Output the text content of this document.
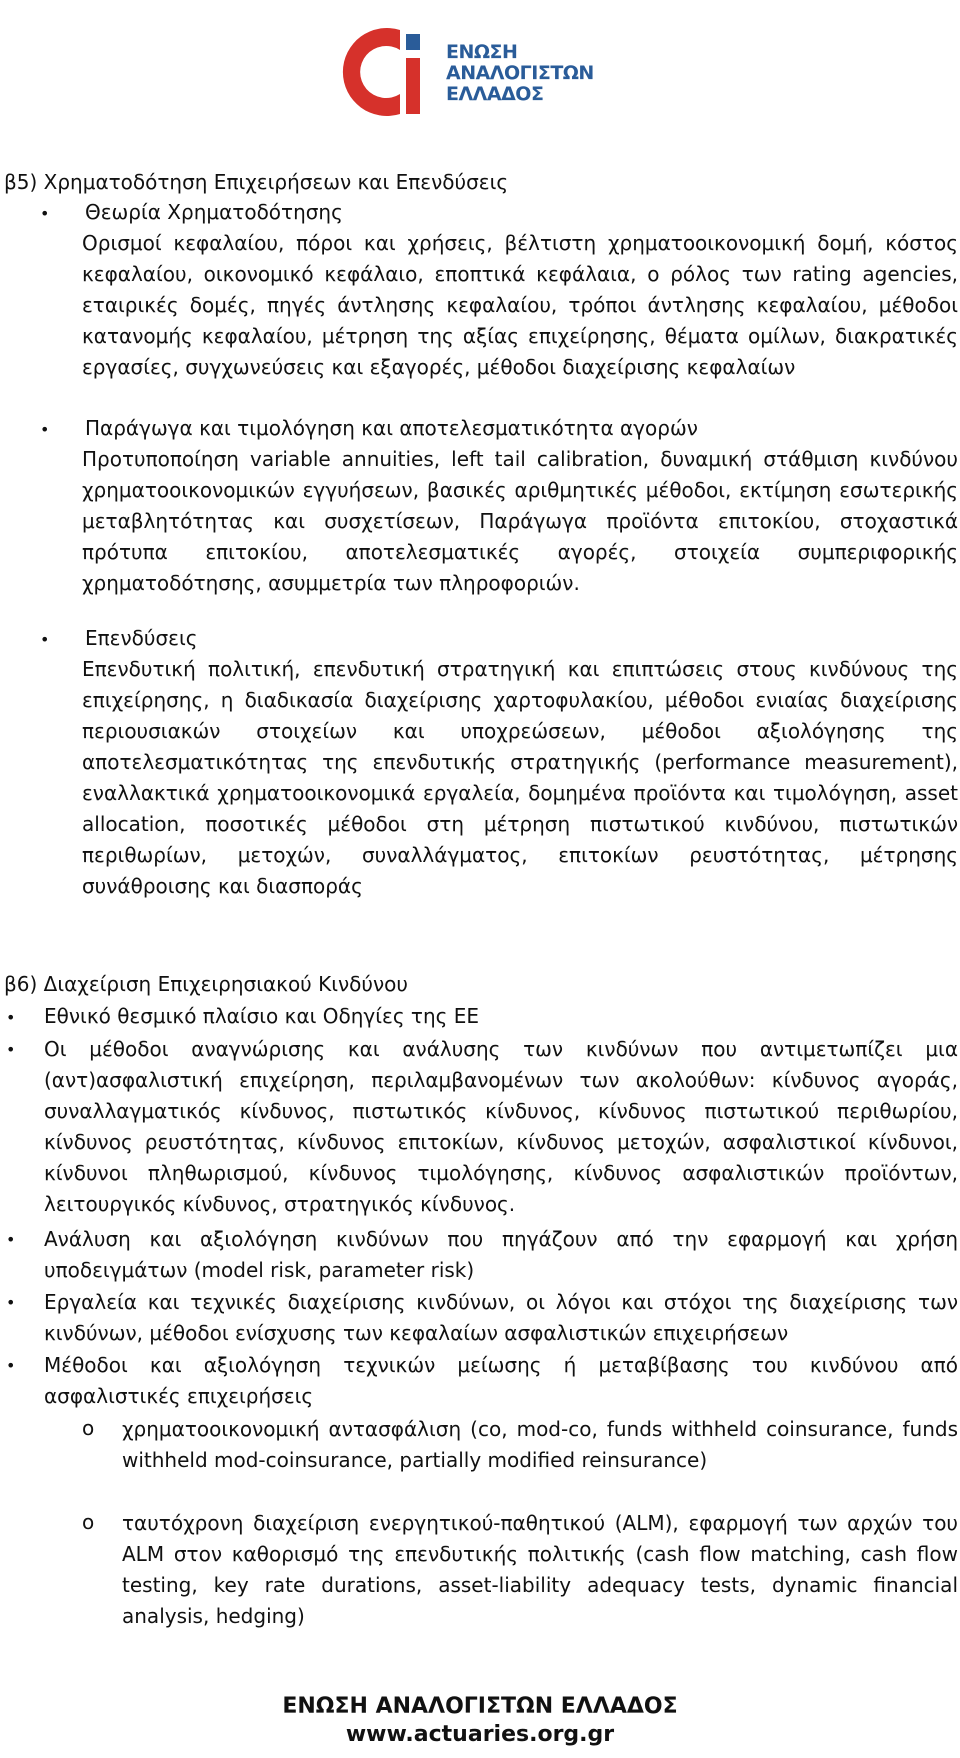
ΕΝΩΣΗ
ΑΝΑΛΟΓΙΣΤΩΝ
ΕΛΛΑΔΟΣ
β5) Χρηματοδότηση Επιχειρήσεων και Επενδύσεις
• Θεωρία Χρηματοδότησης
Ορισμοί κεφαλαίου, πόροι και χρήσεις, βέλτιστη χρηματοοικονομική δομή, κόστος κεφαλαίου, οικονομικό κεφάλαιο, εποπτικά κεφάλαια, ο ρόλος των rating agencies, εταιρικές δομές, πηγές άντλησης κεφαλαίου, τρόποι άντλησης κεφαλαίου, μέθοδοι κατανομής κεφαλαίου, μέτρηση της αξίας επιχείρησης, θέματα ομίλων, διακρατικές εργασίες, συγχωνεύσεις και εξαγορές, μέθοδοι διαχείρισης κεφαλαίων
• Παράγωγα και τιμολόγηση και αποτελεσματικότητα αγορών
Προτυποποίηση variable annuities, left tail calibration, δυναμική στάθμιση κινδύνου χρηματοοικονομικών εγγυήσεων, βασικές αριθμητικές μέθοδοι, εκτίμηση εσωτερικής μεταβλητότητας και συσχετίσεων, Παράγωγα προϊόντα επιτοκίου, στοχαστικά πρότυπα επιτοκίου, αποτελεσματικές αγορές, στοιχεία συμπεριφορικής χρηματοδότησης, ασυμμετρία των πληροφοριών.
• Επενδύσεις
Επενδυτική πολιτική, επενδυτική στρατηγική και επιπτώσεις στους κινδύνους της επιχείρησης, η διαδικασία διαχείρισης χαρτοφυλακίου, μέθοδοι ενιαίας διαχείρισης περιουσιακών στοιχείων και υποχρεώσεων, μέθοδοι αξιολόγησης της αποτελεσματικότητας της επενδυτικής στρατηγικής (performance measurement), εναλλακτικά χρηματοοικονομικά εργαλεία, δομημένα προϊόντα και τιμολόγηση, asset allocation, ποσοτικές μέθοδοι στη μέτρηση πιστωτικού κινδύνου, πιστωτικών περιθωρίων, μετοχών, συναλλάγματος, επιτοκίων ρευστότητας, μέτρησης συνάθροισης και διασποράς
β6) Διαχείριση Επιχειρησιακού Κινδύνου
• Εθνικό θεσμικό πλαίσιο και Οδηγίες της ΕΕ
• Οι μέθοδοι αναγνώρισης και ανάλυσης των κινδύνων που αντιμετωπίζει μια (αντ)ασφαλιστική επιχείρηση, περιλαμβανομένων των ακολούθων: κίνδυνος αγοράς, συναλλαγματικός κίνδυνος, πιστωτικός κίνδυνος, κίνδυνος πιστωτικού περιθωρίου, κίνδυνος ρευστότητας, κίνδυνος επιτοκίων, κίνδυνος μετοχών, ασφαλιστικοί κίνδυνοι, κίνδυνοι πληθωρισμού, κίνδυνος τιμολόγησης, κίνδυνος ασφαλιστικών προϊόντων, λειτουργικός κίνδυνος, στρατηγικός κίνδυνος.
• Ανάλυση και αξιολόγηση κινδύνων που πηγάζουν από την εφαρμογή και χρήση υποδειγμάτων (model risk, parameter risk)
• Εργαλεία και τεχνικές διαχείρισης κινδύνων, οι λόγοι και στόχοι της διαχείρισης των κινδύνων, μέθοδοι ενίσχυσης των κεφαλαίων ασφαλιστικών επιχειρήσεων
• Μέθοδοι και αξιολόγηση τεχνικών μείωσης ή μεταβίβασης του κινδύνου από ασφαλιστικές επιχειρήσεις
o χρηματοοικονομική αντασφάλιση (co, mod-co, funds withheld coinsurance, funds withheld mod-coinsurance, partially modified reinsurance)
o ταυτόχρονη διαχείριση ενεργητικού-παθητικού (ALM), εφαρμογή των αρχών του ALM στον καθορισμό της επενδυτικής πολιτικής (cash flow matching, cash flow testing, key rate durations, asset-liability adequacy tests, dynamic financial analysis, hedging)
ΕΝΩΣΗ ΑΝΑΛΟΓΙΣΤΩΝ ΕΛΛΑΔΟΣ
www.actuaries.org.gr
